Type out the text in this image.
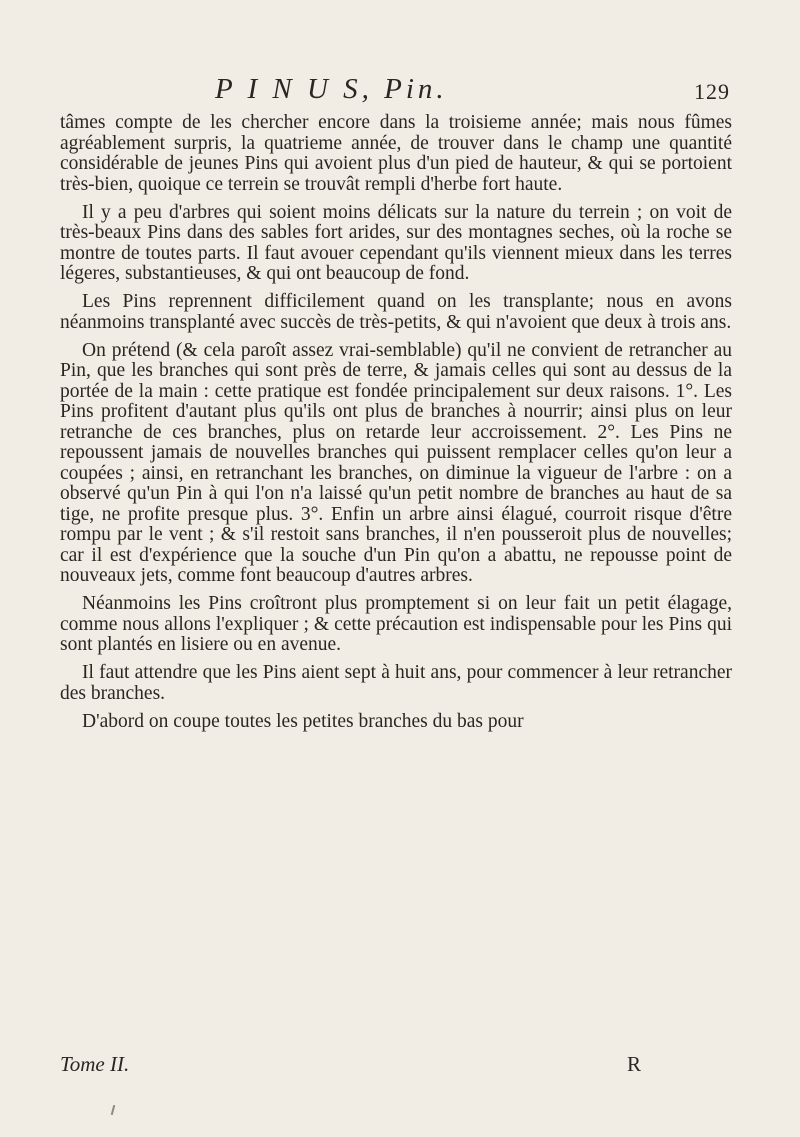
P I N U S, Pin.	129

tâmes compte de les chercher encore dans la troisieme année; mais nous fûmes agréablement surpris, la quatrieme année, de trouver dans le champ une quantité considérable de jeunes Pins qui avoient plus d'un pied de hauteur, & qui se portoient très-bien, quoique ce terrein se trouvât rempli d'herbe fort haute.

Il y a peu d'arbres qui soient moins délicats sur la nature du terrein ; on voit de très-beaux Pins dans des sables fort arides, sur des montagnes seches, où la roche se montre de toutes parts. Il faut avouer cependant qu'ils viennent mieux dans les terres légeres, substantieuses, & qui ont beaucoup de fond.

Les Pins reprennent difficilement quand on les transplante; nous en avons néanmoins transplanté avec succès de très-petits, & qui n'avoient que deux à trois ans.

On prétend (& cela paroît assez vrai-semblable) qu'il ne convient de retrancher au Pin, que les branches qui sont près de terre, & jamais celles qui sont au dessus de la portée de la main : cette pratique est fondée principalement sur deux raisons. 1°. Les Pins profitent d'autant plus qu'ils ont plus de branches à nourrir; ainsi plus on leur retranche de ces branches, plus on retarde leur accroissement. 2°. Les Pins ne repoussent jamais de nouvelles branches qui puissent remplacer celles qu'on leur a coupées ; ainsi, en retranchant les branches, on diminue la vigueur de l'arbre : on a observé qu'un Pin à qui l'on n'a laissé qu'un petit nombre de branches au haut de sa tige, ne profite presque plus. 3°. Enfin un arbre ainsi élagué, courroit risque d'être rompu par le vent ; & s'il restoit sans branches, il n'en pousseroit plus de nouvelles; car il est d'expérience que la souche d'un Pin qu'on a abattu, ne repousse point de nouveaux jets, comme font beaucoup d'autres arbres.

Néanmoins les Pins croîtront plus promptement si on leur fait un petit élagage, comme nous allons l'expliquer ; & cette précaution est indispensable pour les Pins qui sont plantés en lisiere ou en avenue.

Il faut attendre que les Pins aient sept à huit ans, pour commencer à leur retrancher des branches.

D'abord on coupe toutes les petites branches du bas pour

Tome II.	R
